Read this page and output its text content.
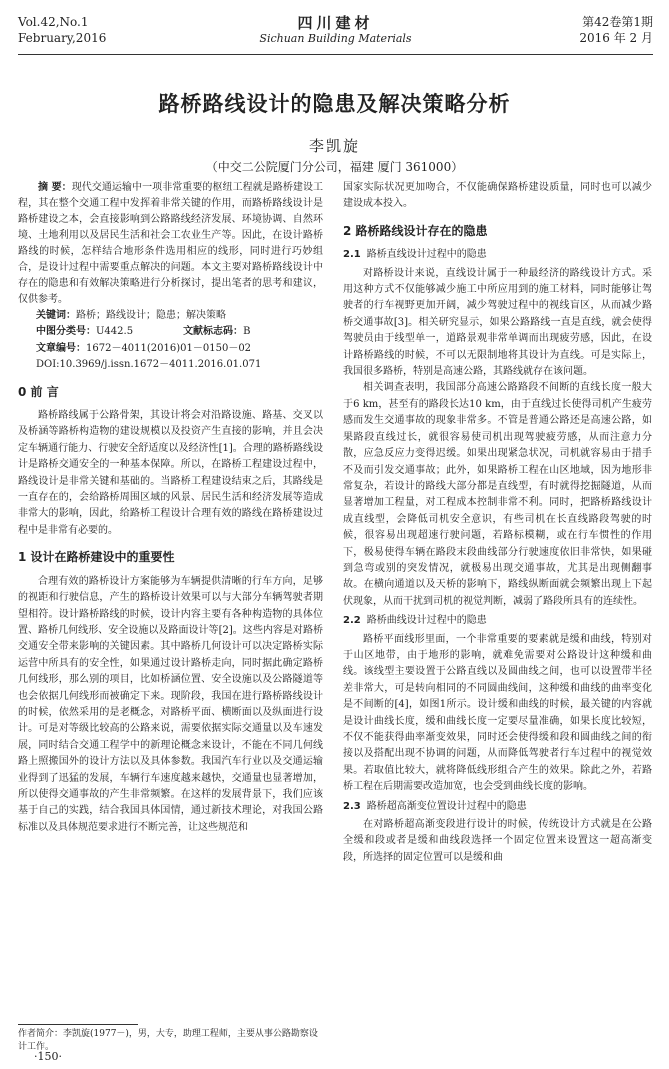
Vol.42,No.1
February,2016
四川建材
Sichuan Building Materials
第42卷第1期
2016 年 2 月
路桥路线设计的隐患及解决策略分析
李凯旋
（中交二公院厦门分公司，福建 厦门 361000）

摘 要：现代交通运输中一项非常重要的枢纽工程就是路桥建设工程，其在整个交通工程中发挥着非常关键的作用，而路桥路线设计是路桥建设之本，会直接影响到公路路线经济发展、环境协调、自然环境、土地利用以及居民生活和社会工农业生产等。因此，在设计路桥路线的时候，怎样结合地形条件选用相应的线形，同时进行巧妙组合，是设计过程中需要重点解决的问题。本文主要对路桥路线设计中存在的隐患和有效解决策略进行分析探讨，提出笔者的思考和建议，仅供参考。

关键词：路桥；路线设计；隐患；解决策略
中图分类号：U442.5	文献标志码：B
文章编号：1672－4011(2016)01－0150－02
DOI:10.3969/j.issn.1672－4011.2016.01.071
0 前 言

路桥路线属于公路骨架，其设计将会对沿路设施、路基、交叉以及桥涵等路桥构造物的建设规模以及投资产生直接的影响，并且会决定车辆通行能力、行驶安全舒适度以及经济性[1]。合理的路桥路线设计是路桥交通安全的一种基本保障。所以，在路桥工程建设过程中，路线设计是非常关键和基础的。当路桥工程建设结束之后，其路线是一直存在的，会给路桥周围区域的风景、居民生活和经济发展等造成非常大的影响，因此，给路桥工程设计合理有效的路线在路桥建设过程中是非常有必要的。

1 设计在路桥建设中的重要性

合理有效的路桥设计方案能够为车辆提供清晰的行车方向，足够的视距和行驶信息，产生的路桥设计效果可以与大部分车辆驾驶者期望相符。设计路桥路线的时候，设计内容主要有各种构造物的具体位置、路桥几何线形、安全设施以及路面设计等[2]。这些内容是对路桥交通安全带来影响的关键因素。其中路桥几何设计可以决定路桥实际运营中所具有的安全性，如果通过设计路桥走向，同时据此确定路桥几何线形，那么别的项目，比如桥涵位置、安全设施以及公路隧道等也会依据几何线形而被确定下来。现阶段，我国在进行路桥路线设计的时候，依然采用的是老概念，对路桥平面、横断面以及纵面进行设计。可是对等级比较高的公路来说，需要依据实际交通量以及车速发展，同时结合交通工程学中的新理论概念来设计，不能在不同几何线路上照搬国外的设计方法以及具体参数。我国汽车行业以及交通运输业得到了迅猛的发展，车辆行车速度越来越快，交通量也显著增加，所以使得交通事故的产生非常频繁。在这样的发展背景下，我们应该基于自己的实践，结合我国具体国情，通过新技术理论，对我国公路标准以及具体规范要求进行不断完善，让这些规范和

作者简介：李凯旋(1977－)，男，大专，助理工程师，主要从事公路勘察设计工作。
·150·

国家实际状况更加吻合，不仅能确保路桥建设质量，同时也可以减少建设成本投入。

2 路桥路线设计存在的隐患
2.1 路桥直线设计过程中的隐患

对路桥设计来说，直线设计属于一种最经济的路线设计方式。采用这种方式不仅能够减少施工中所应用到的施工材料，同时能够让驾驶者的行车视野更加开阔，减少驾驶过程中的视线盲区，从而减少路桥交通事故[3]。相关研究显示，如果公路路线一直是直线，就会使得驾驶员由于线型单一，道路景观非常单调而出现疲劳感，因此，在设计路桥路线的时候，不可以无限制地将其设计为直线。可是实际上，我国很多路桥，特别是高速公路，其路线就存在该问题。

相关调查表明，我国部分高速公路路段不间断的直线长度一般大于6 km，甚至有的路段长达10 km，由于直线过长使得司机产生疲劳感而发生交通事故的现象非常多。不管是普通公路还是高速公路，如果路段直线过长，就很容易使司机出现驾驶疲劳感，从而注意力分散，应急反应力变得迟缓。如果出现紧急状况，司机就容易由于措手不及而引发交通事故；此外，如果路桥工程在山区地域，因为地形非常复杂，若设计的路线大部分都是直线型，有时就得挖掘隧道，从而显著增加工程量，对工程成本控制非常不利。同时，把路桥路线设计成直线型，会降低司机安全意识，有些司机在长直线路段驾驶的时候，很容易出现超速行驶问题，若路标模糊，或在行车惯性的作用下，极易使得车辆在路段末段曲线部分行驶速度依旧非常快，如果碰到急弯或别的突发情况，就极易出现交通事故，尤其是出现侧翻事故。在横向通道以及天桥的影响下，路线纵断面就会频繁出现上下起伏现象，从而干扰到司机的视觉判断，减弱了路段所具有的连续性。

2.2 路桥曲线设计过程中的隐患

路桥平面线形里面，一个非常重要的要素就是缓和曲线，特别对于山区地带，由于地形的影响，就难免需要对公路设计这种缓和曲线。该线型主要设置于公路直线以及圆曲线之间，也可以设置带半径差非常大，可是转向相同的不同圆曲线间，这种缓和曲线的曲率变化是不间断的[4]，如图1所示。设计缓和曲线的时候，最关键的内容就是设计曲线长度，缓和曲线长度一定要尽量准确，如果长度比较短，不仅不能获得曲率渐变效果，同时还会使得缓和段和圆曲线之间的衔接以及搭配出现不协调的问题，从而降低驾驶者行车过程中的视觉效果。若取值比较大，就将降低线形组合产生的效果。除此之外，若路桥工程在后期需要改造加宽，也会受到曲线长度的影响。

2.3 路桥超高渐变位置设计过程中的隐患

在对路桥超高渐变段进行设计的时候，传统设计方式就是在公路全缓和段或者是缓和曲线段选择一个固定位置来设置这一超高渐变段，所选择的固定位置可以是缓和曲
